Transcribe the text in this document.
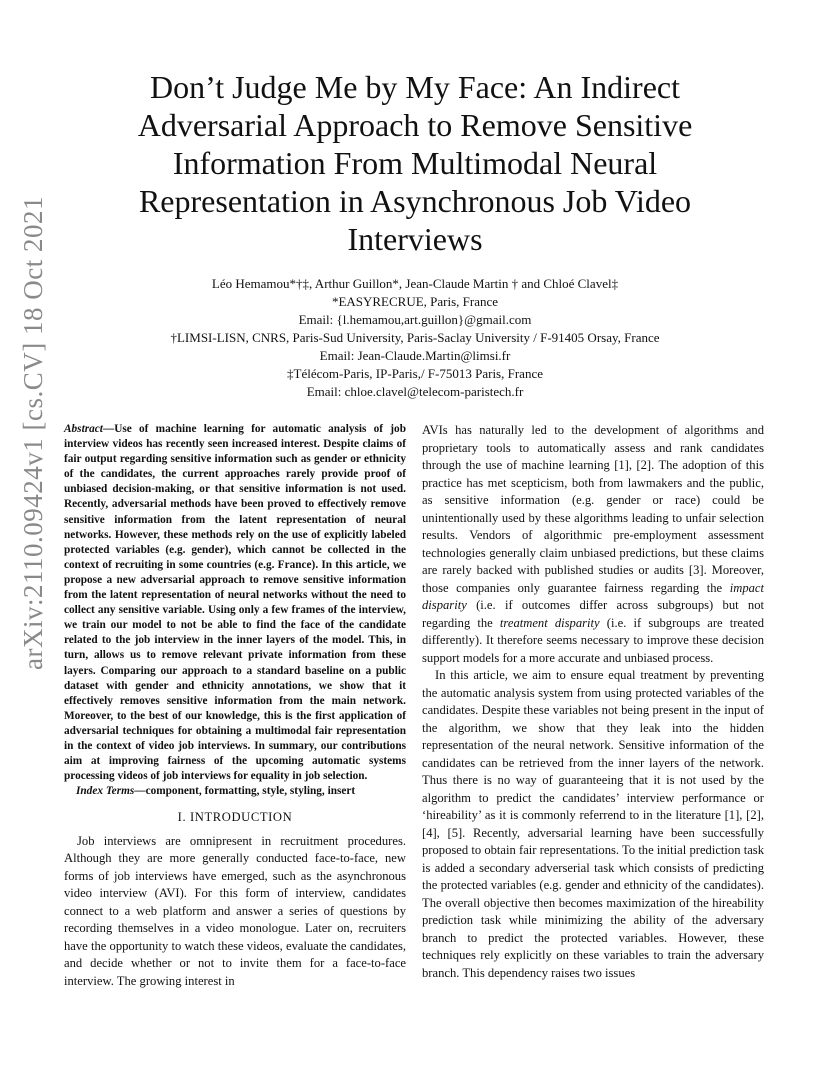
arXiv:2110.09424v1 [cs.CV] 18 Oct 2021
Don’t Judge Me by My Face: An Indirect Adversarial Approach to Remove Sensitive Information From Multimodal Neural Representation in Asynchronous Job Video Interviews
Léo Hemamou*†‡, Arthur Guillon*, Jean-Claude Martin † and Chloé Clavel‡
*EASYRECRUE, Paris, France
Email: {l.hemamou,art.guillon}@gmail.com
†LIMSI-LISN, CNRS, Paris-Sud University, Paris-Saclay University / F-91405 Orsay, France
Email: Jean-Claude.Martin@limsi.fr
‡Télécom-Paris, IP-Paris,/ F-75013 Paris, France
Email: chloe.clavel@telecom-paristech.fr
Abstract—Use of machine learning for automatic analysis of job interview videos has recently seen increased interest. Despite claims of fair output regarding sensitive information such as gender or ethnicity of the candidates, the current approaches rarely provide proof of unbiased decision-making, or that sensitive information is not used. Recently, adversarial methods have been proved to effectively remove sensitive information from the latent representation of neural networks. However, these methods rely on the use of explicitly labeled protected variables (e.g. gender), which cannot be collected in the context of recruiting in some countries (e.g. France). In this article, we propose a new adversarial approach to remove sensitive information from the latent representation of neural networks without the need to collect any sensitive variable. Using only a few frames of the interview, we train our model to not be able to find the face of the candidate related to the job interview in the inner layers of the model. This, in turn, allows us to remove relevant private information from these layers. Comparing our approach to a standard baseline on a public dataset with gender and ethnicity annotations, we show that it effectively removes sensitive information from the main network. Moreover, to the best of our knowledge, this is the first application of adversarial techniques for obtaining a multimodal fair representation in the context of video job interviews. In summary, our contributions aim at improving fairness of the upcoming automatic systems processing videos of job interviews for equality in job selection.
Index Terms—component, formatting, style, styling, insert
I. INTRODUCTION

Job interviews are omnipresent in recruitment procedures. Although they are more generally conducted face-to-face, new forms of job interviews have emerged, such as the asynchronous video interview (AVI). For this form of interview, candidates connect to a web platform and answer a series of questions by recording themselves in a video monologue. Later on, recruiters have the opportunity to watch these videos, evaluate the candidates, and decide whether or not to invite them for a face-to-face interview. The growing interest in

AVIs has naturally led to the development of algorithms and proprietary tools to automatically assess and rank candidates through the use of machine learning [1], [2]. The adoption of this practice has met scepticism, both from lawmakers and the public, as sensitive information (e.g. gender or race) could be unintentionally used by these algorithms leading to unfair selection results. Vendors of algorithmic pre-employment assessment technologies generally claim unbiased predictions, but these claims are rarely backed with published studies or audits [3]. Moreover, those companies only guarantee fairness regarding the impact disparity (i.e. if outcomes differ across subgroups) but not regarding the treatment disparity (i.e. if subgroups are treated differently). It therefore seems necessary to improve these decision support models for a more accurate and unbiased process.

In this article, we aim to ensure equal treatment by preventing the automatic analysis system from using protected variables of the candidates. Despite these variables not being present in the input of the algorithm, we show that they leak into the hidden representation of the neural network. Sensitive information of the candidates can be retrieved from the inner layers of the network. Thus there is no way of guaranteeing that it is not used by the algorithm to predict the candidates’ interview performance or ‘hireability’ as it is commonly referrend to in the literature [1], [2], [4], [5]. Recently, adversarial learning have been successfully proposed to obtain fair representations. To the initial prediction task is added a secondary adverserial task which consists of predicting the protected variables (e.g. gender and ethnicity of the candidates). The overall objective then becomes maximization of the hireability prediction task while minimizing the ability of the adversary branch to predict the protected variables. However, these techniques rely explicitly on these variables to train the adversary branch. This dependency raises two issues
